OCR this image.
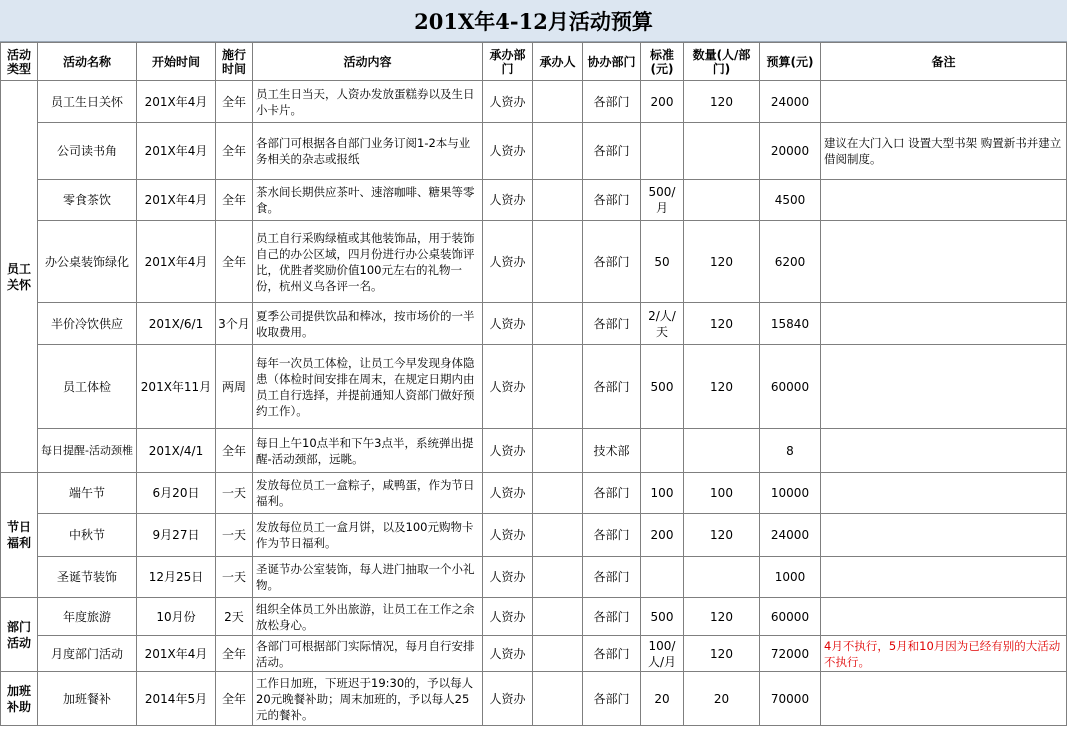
201X年4-12月活动预算
活动类型	活动名称	开始时间	施行时间	活动内容	承办部门	承办人	协办部门	标准(元)	数量(人/部门)	预算(元)	备注
员工关怀	员工生日关怀	201X年4月	全年	员工生日当天，人资办发放蛋糕券以及生日小卡片。	人资办		各部门	200	120	24000	
	公司读书角	201X年4月	全年	各部门可根据各自部门业务订阅1-2本与业务相关的杂志或报纸	人资办		各部门			20000	建议在大门入口 设置大型书架 购置新书并建立借阅制度。
	零食茶饮	201X年4月	全年	茶水间长期供应茶叶、速溶咖啡、糖果等零食。	人资办		各部门	500/月		4500	
	办公桌装饰绿化	201X年4月	全年	员工自行采购绿植或其他装饰品，用于装饰自己的办公区域，四月份进行办公桌装饰评比，优胜者奖励价值100元左右的礼物一份，杭州义乌各评一名。	人资办		各部门	50	120	6200	
	半价冷饮供应	201X/6/1	3个月	夏季公司提供饮品和棒冰，按市场价的一半收取费用。	人资办		各部门	2/人/天	120	15840	
	员工体检	201X年11月	两周	每年一次员工体检，让员工今早发现身体隐患（体检时间安排在周末，在规定日期内由员工自行选择，并提前通知人资部门做好预约工作）。	人资办		各部门	500	120	60000	
	每日提醒-活动颈椎	201X/4/1	全年	每日上午10点半和下午3点半，系统弹出提醒-活动颈部，远眺。	人资办		技术部			8	
节日福利	端午节	6月20日	一天	发放每位员工一盒粽子，咸鸭蛋，作为节日福利。	人资办		各部门	100	100	10000	
	中秋节	9月27日	一天	发放每位员工一盒月饼，以及100元购物卡作为节日福利。	人资办		各部门	200	120	24000	
	圣诞节装饰	12月25日	一天	圣诞节办公室装饰，每人进门抽取一个小礼物。	人资办		各部门			1000	
部门活动	年度旅游	10月份	2天	组织全体员工外出旅游，让员工在工作之余放松身心。	人资办		各部门	500	120	60000	
	月度部门活动	201X年4月	全年	各部门可根据部门实际情况，每月自行安排活动。	人资办		各部门	100/人/月	120	72000	4月不执行，5月和10月因为已经有别的大活动不执行。
加班补助	加班餐补	2014年5月	全年	工作日加班，下班迟于19:30的，予以每人20元晚餐补助；周末加班的，予以每人25元的餐补。	人资办		各部门	20	20	70000	
